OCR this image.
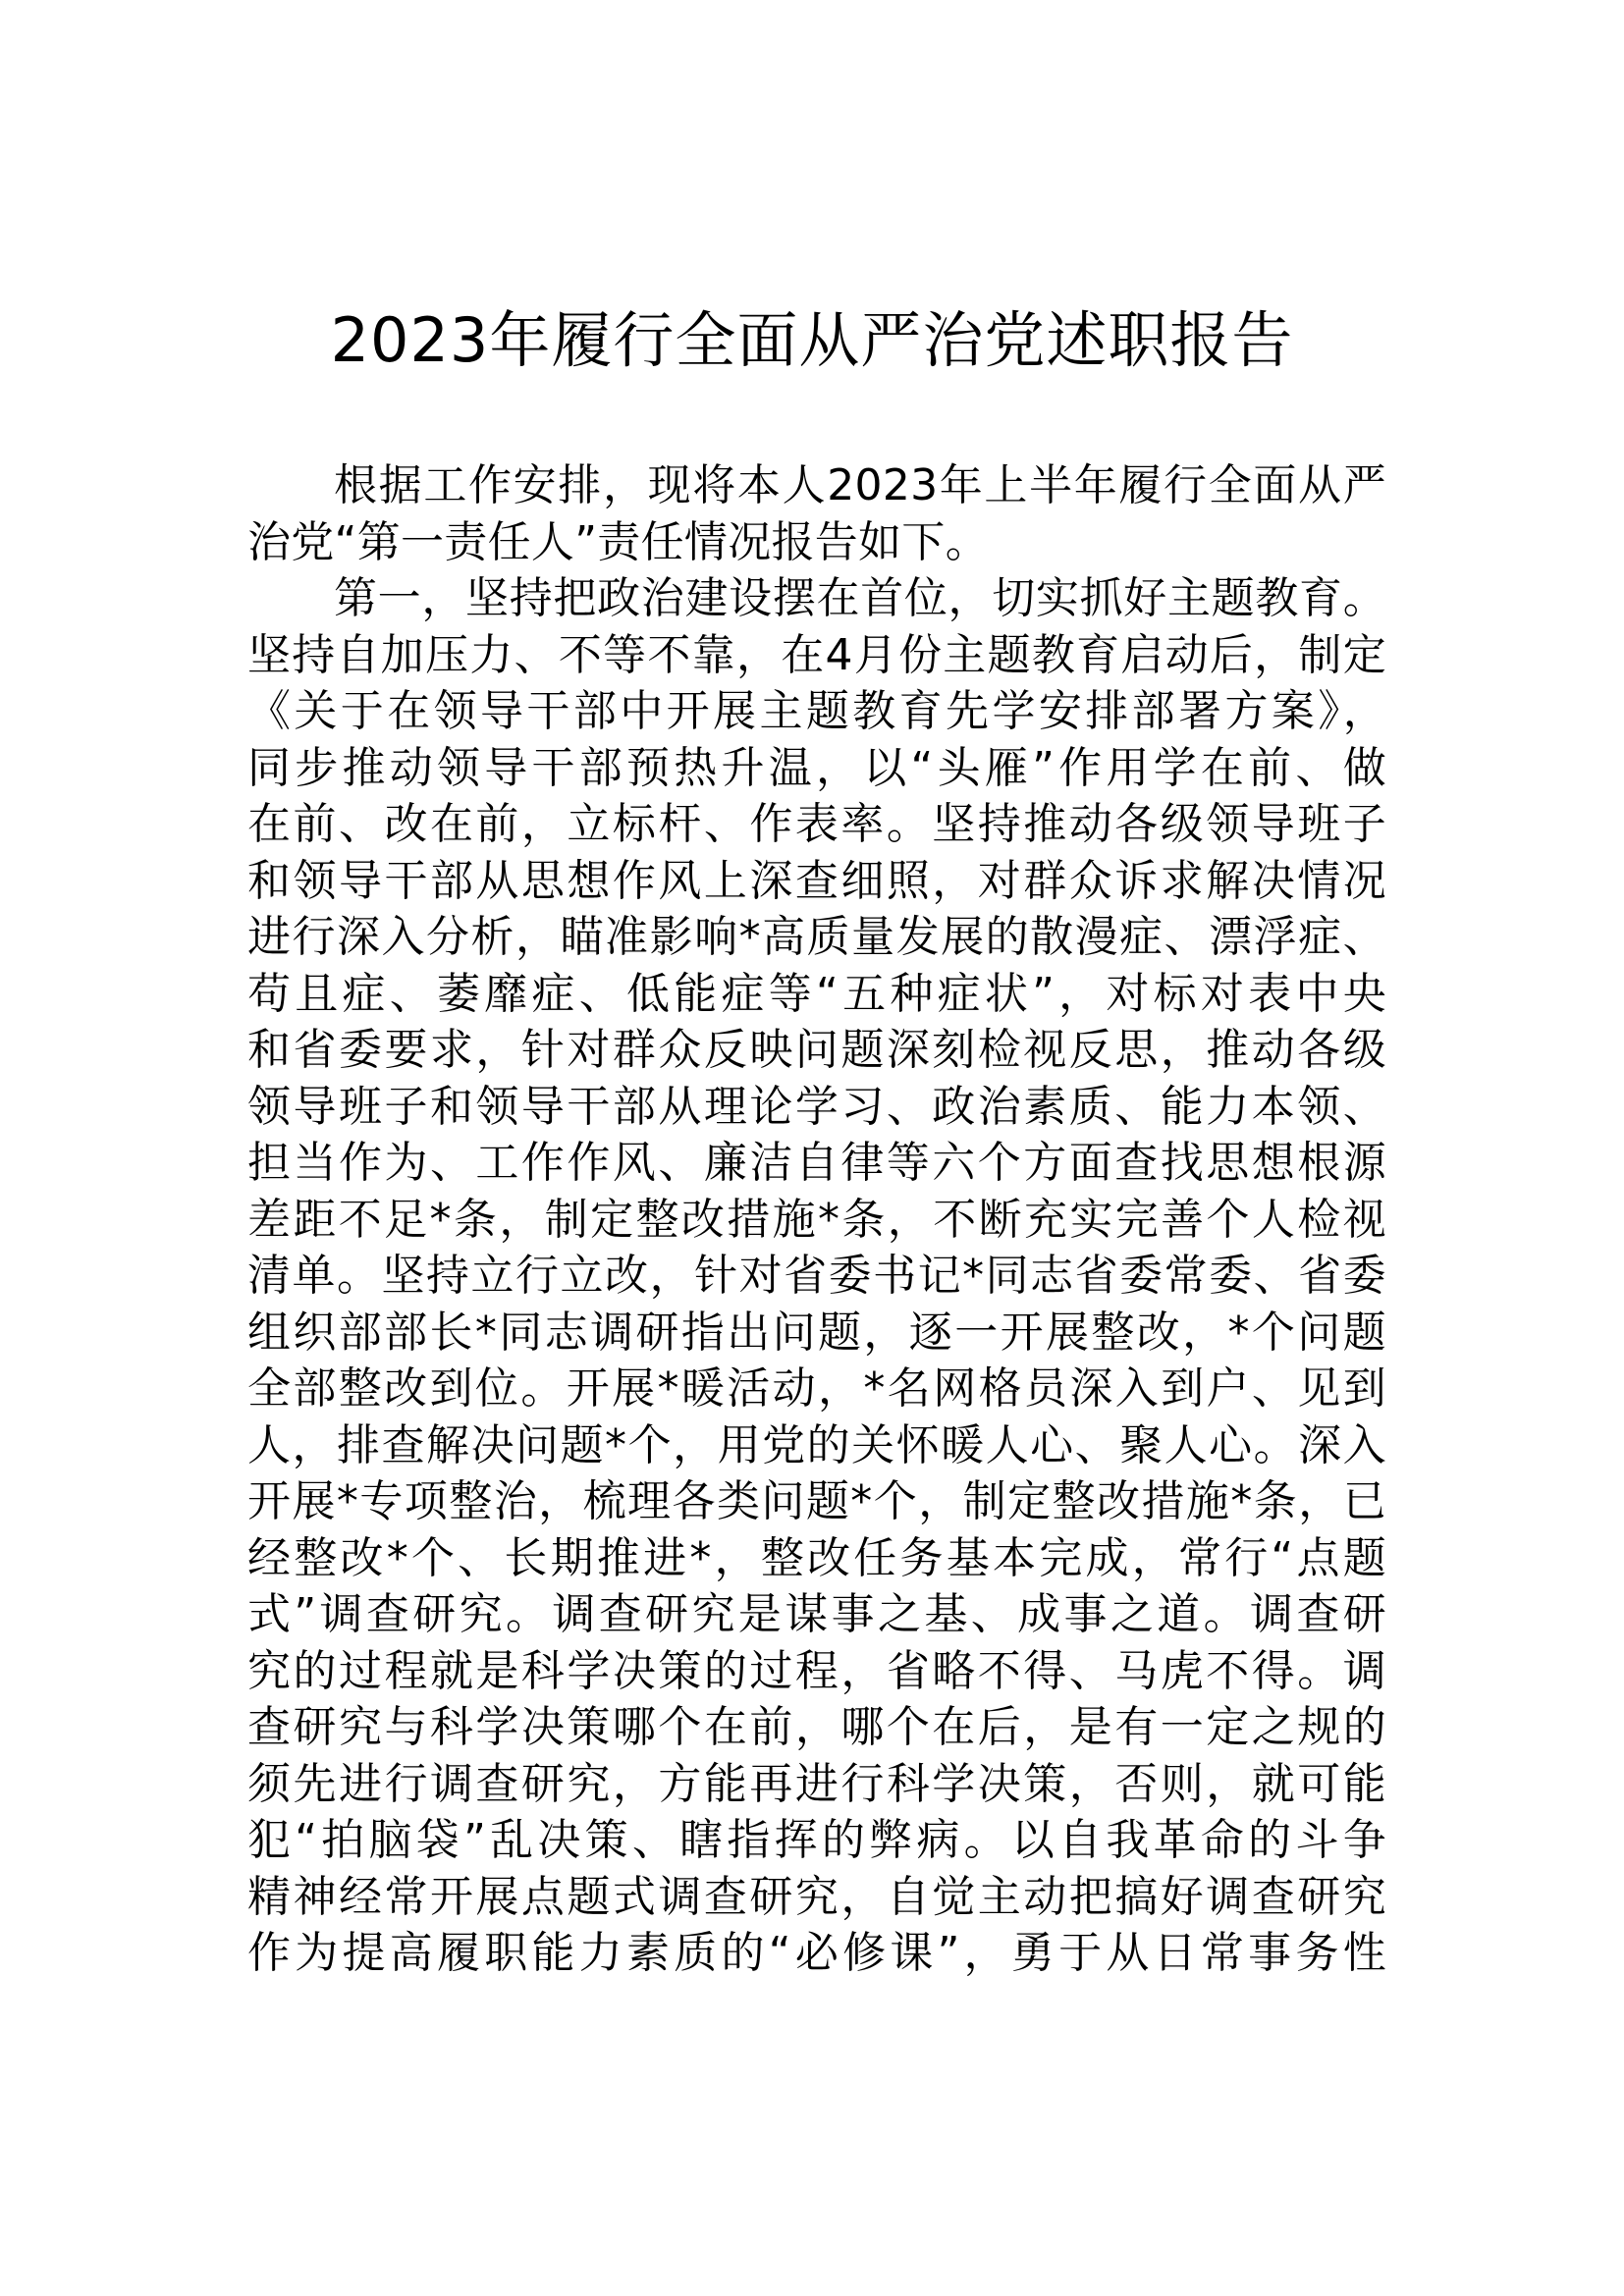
2023年履行全面从严治党述职报告
根据工作安排，现将本人2023年上半年履行全面从严
治党“第一责任人”责任情况报告如下。
第一，坚持把政治建设摆在首位，切实抓好主题教育。
坚持自加压力、不等不靠，在4月份主题教育启动后，制定
《关于在领导干部中开展主题教育先学安排部署方案》，
同步推动领导干部预热升温，以“头雁”作用学在前、做
在前、改在前，立标杆、作表率。坚持推动各级领导班子
和领导干部从思想作风上深查细照，对群众诉求解决情况
进行深入分析，瞄准影响*高质量发展的散漫症、漂浮症、
苟且症、萎靡症、低能症等“五种症状”，对标对表中央
和省委要求，针对群众反映问题深刻检视反思，推动各级
领导班子和领导干部从理论学习、政治素质、能力本领、
担当作为、工作作风、廉洁自律等六个方面查找思想根源
差距不足*条，制定整改措施*条，不断充实完善个人检视
清单。坚持立行立改，针对省委书记*同志省委常委、省委
组织部部长*同志调研指出问题，逐一开展整改，*个问题
全部整改到位。开展*暖活动，*名网格员深入到户、见到
人，排查解决问题*个，用党的关怀暖人心、聚人心。深入
开展*专项整治，梳理各类问题*个，制定整改措施*条，已
经整改*个、长期推进*，整改任务基本完成，常行“点题
式”调查研究。调查研究是谋事之基、成事之道。调查研
究的过程就是科学决策的过程，省略不得、马虎不得。调
查研究与科学决策哪个在前，哪个在后，是有一定之规的
须先进行调查研究，方能再进行科学决策，否则，就可能
犯“拍脑袋”乱决策、瞎指挥的弊病。以自我革命的斗争
精神经常开展点题式调查研究，自觉主动把搞好调查研究
作为提高履职能力素质的“必修课”，勇于从日常事务性
